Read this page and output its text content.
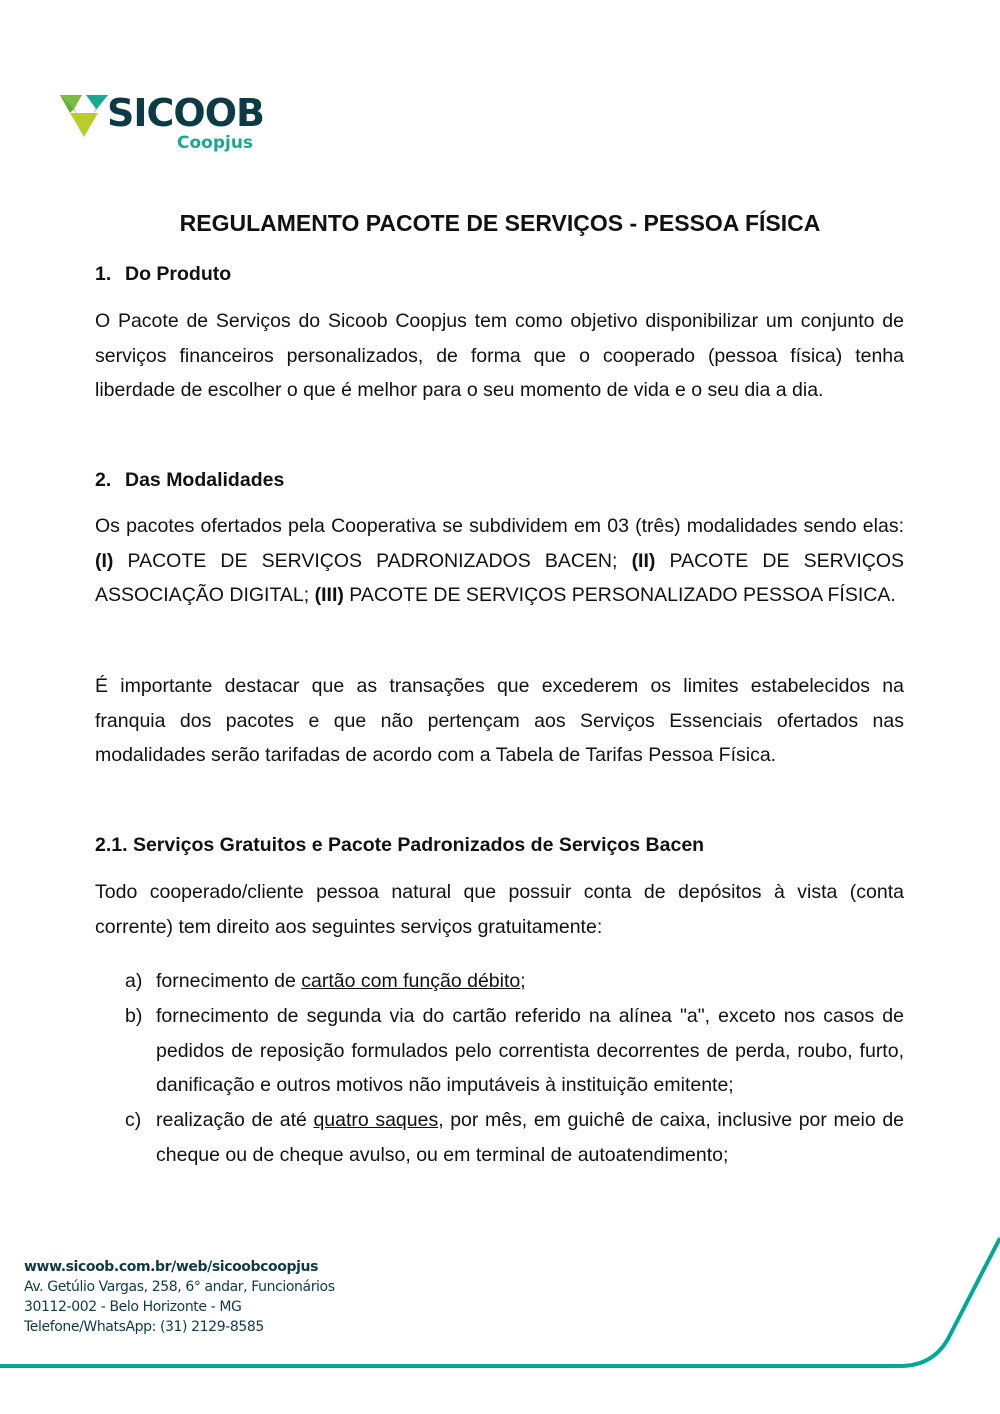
SICOOB
Coopjus
REGULAMENTO PACOTE DE SERVIÇOS - PESSOA FÍSICA
1. Do Produto
O Pacote de Serviços do Sicoob Coopjus tem como objetivo disponibilizar um conjunto de serviços financeiros personalizados, de forma que o cooperado (pessoa física) tenha liberdade de escolher o que é melhor para o seu momento de vida e o seu dia a dia.
2. Das Modalidades
Os pacotes ofertados pela Cooperativa se subdividem em 03 (três) modalidades sendo elas: (I) PACOTE DE SERVIÇOS PADRONIZADOS BACEN; (II) PACOTE DE SERVIÇOS ASSOCIAÇÃO DIGITAL; (III) PACOTE DE SERVIÇOS PERSONALIZADO PESSOA FÍSICA.
É importante destacar que as transações que excederem os limites estabelecidos na franquia dos pacotes e que não pertençam aos Serviços Essenciais ofertados nas modalidades serão tarifadas de acordo com a Tabela de Tarifas Pessoa Física.
2.1. Serviços Gratuitos e Pacote Padronizados de Serviços Bacen
Todo cooperado/cliente pessoa natural que possuir conta de depósitos à vista (conta corrente) tem direito aos seguintes serviços gratuitamente:
a) fornecimento de cartão com função débito;
b) fornecimento de segunda via do cartão referido na alínea "a", exceto nos casos de pedidos de reposição formulados pelo correntista decorrentes de perda, roubo, furto, danificação e outros motivos não imputáveis à instituição emitente;
c) realização de até quatro saques, por mês, em guichê de caixa, inclusive por meio de cheque ou de cheque avulso, ou em terminal de autoatendimento;
www.sicoob.com.br/web/sicoobcoopjus
Av. Getúlio Vargas, 258, 6° andar, Funcionários
30112-002 - Belo Horizonte - MG
Telefone/WhatsApp: (31) 2129-8585
